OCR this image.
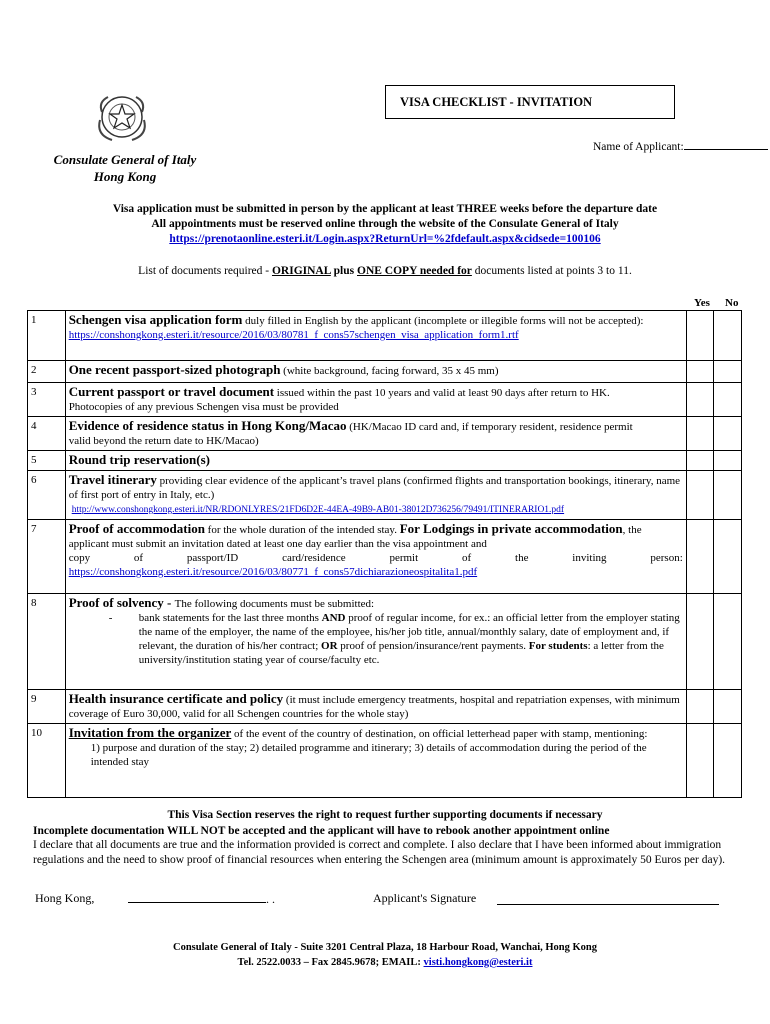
VISA CHECKLIST - INVITATION
Name of Applicant:
Consulate General of Italy
Hong Kong
Visa application must be submitted in person by the applicant at least THREE weeks before the departure date
All appointments must be reserved online through the website of the Consulate General of Italy
https://prenotaonline.esteri.it/Login.aspx?ReturnUrl=%2fdefault.aspx&cidsede=100106
List of documents required - ORIGINAL plus ONE COPY needed for documents listed at points 3 to 11.
Yes No
1	Schengen visa application form duly filled in English by the applicant (incomplete or illegible forms will not be accepted): https://conshongkong.esteri.it/resource/2016/03/80781_f_cons57schengen_visa_application_form1.rtf		
2	One recent passport-sized photograph (white background, facing forward, 35 x 45 mm)		
3	Current passport or travel document issued within the past 10 years and valid at least 90 days after return to HK.
Photocopies of any previous Schengen visa must be provided		
4	Evidence of residence status in Hong Kong/Macao (HK/Macao ID card and, if temporary resident, residence permit
valid beyond the return date to HK/Macao)		
5	Round trip reservation(s)		
6	Travel itinerary providing clear evidence of the applicant’s travel plans (confirmed flights and transportation bookings, itinerary, name of first port of entry in Italy, etc.)
http://www.conshongkong.esteri.it/NR/RDONLYRES/21FD6D2E-44EA-49B9-AB01-38012D736256/79491/ITINERARIO1.pdf		
7	Proof of accommodation for the whole duration of the intended stay. For Lodgings in private accommodation, the applicant must submit an invitation dated at least one day earlier than the visa appointment and
copy of passport/ID card/residence permit of the inviting person:
https://conshongkong.esteri.it/resource/2016/03/80771_f_cons57dichiarazioneospitalita1.pdf		
8	Proof of solvency - The following documents must be submitted:
- bank statements for the last three months AND proof of regular income, for ex.: an official letter from the employer stating the name of the employer, the name of the employee, his/her job title, annual/monthly salary, date of employment and, if relevant, the duration of his/her contract; OR proof of pension/insurance/rent payments. For students: a letter from the university/institution stating year of course/faculty etc.		

9	Health insurance certificate and policy (it must include emergency treatments, hospital and repatriation expenses, with minimum coverage of Euro 30,000, valid for all Schengen countries for the whole stay)		
10	Invitation from the organizer of the event of the country of destination, on official letterhead paper with stamp, mentioning:
1) purpose and duration of the stay; 2) detailed programme and itinerary; 3) details of accommodation during the period of the intended stay		

This Visa Section reserves the right to request further supporting documents if necessary
Incomplete documentation WILL NOT be accepted and the applicant will have to rebook another appointment online
I declare that all documents are true and the information provided is correct and complete. I also declare that I have been informed about immigration regulations and the need to show proof of financial resources when entering the Schengen area (minimum amount is approximately 50 Euros per day).
Hong Kong,	. .	Applicant's Signature
Consulate General of Italy - Suite 3201 Central Plaza, 18 Harbour Road, Wanchai, Hong Kong
Tel. 2522.0033 – Fax 2845.9678; EMAIL: visti.hongkong@esteri.it
